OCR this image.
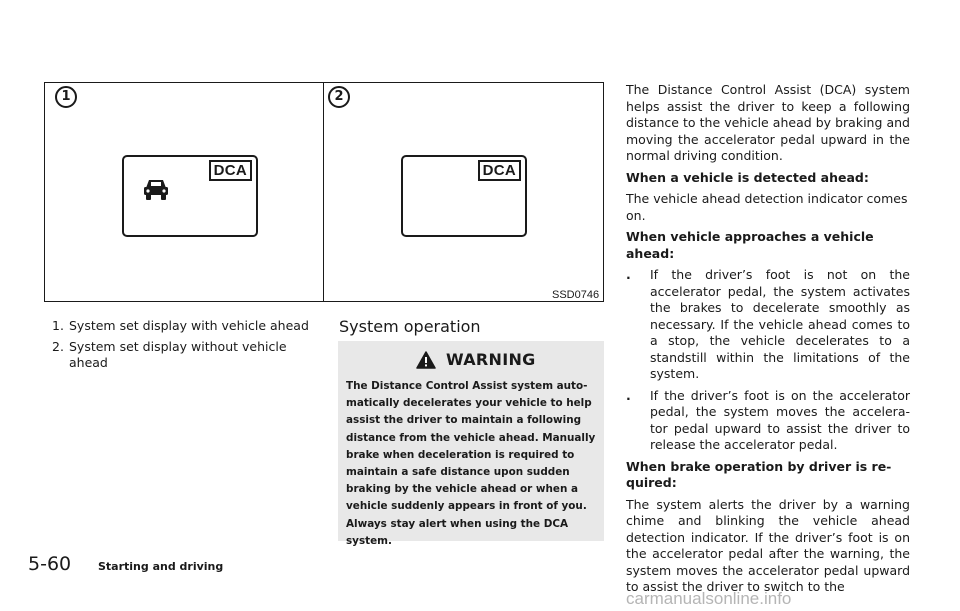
1
DCA
2
DCA
SSD0746
1. System set display with vehicle ahead
2. System set display without vehicle
ahead
System operation
WARNING
The Distance Control Assist system auto-
matically decelerates your vehicle to help
assist the driver to maintain a following
distance from the vehicle ahead. Manually
brake when deceleration is required to
maintain a safe distance upon sudden
braking by the vehicle ahead or when a
vehicle suddenly appears in front of you.
Always stay alert when using the DCA
system.

The Distance Control Assist (DCA) system helps assist the driver to keep a following distance to the vehicle ahead by braking and moving the accelerator pedal upward in the normal driving condition.

When a vehicle is detected ahead:

The vehicle ahead detection indicator comes on.

When vehicle approaches a vehicle ahead:

.	If the driver’s foot is not on the accelerator pedal, the system activates the brakes to decelerate smoothly as necessary. If the vehicle ahead comes to a stop, the vehicle decelerates to a standstill within the limitations of the system.
.	If the driver’s foot is on the accelerator pedal, the system moves the accelera-tor pedal upward to assist the driver to release the accelerator pedal.

When brake operation by driver is re-quired:

The system alerts the driver by a warning chime and blinking the vehicle ahead detection indicator. If the driver’s foot is on the accelerator pedal after the warning, the system moves the accelerator pedal upward to assist the driver to switch to the

5-60 Starting and driving
carmanualsonline.info
